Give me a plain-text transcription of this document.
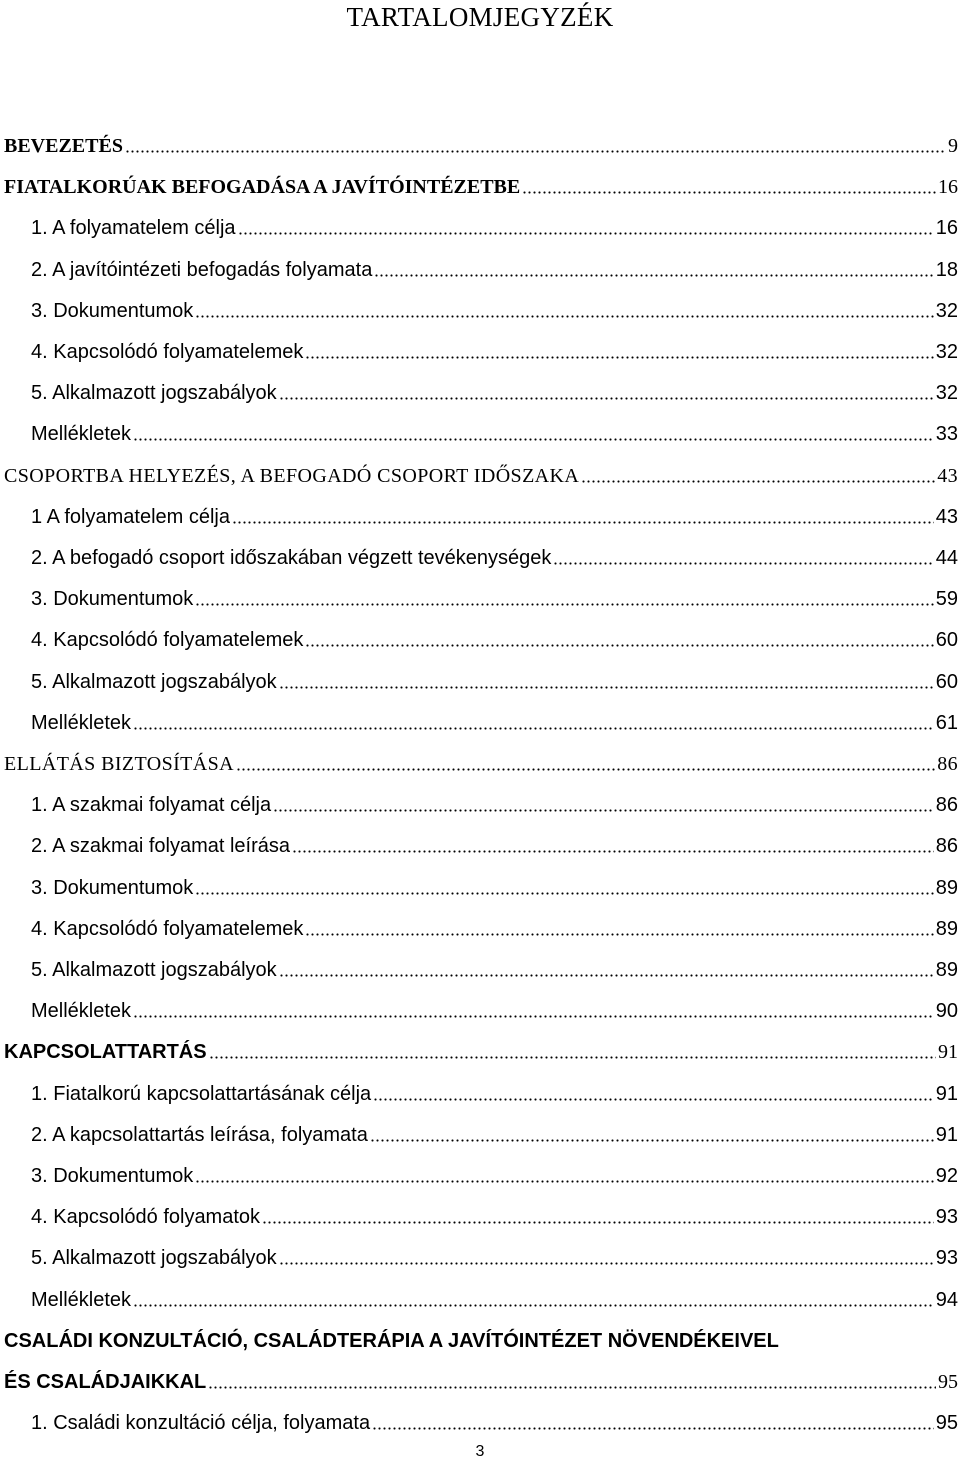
TARTALOMJEGYZÉK
BEVEZETÉS	9
FIATALKORÚAK BEFOGADÁSA A JAVÍTÓINTÉZETBE	16
1. A folyamatelem célja	16
2. A javítóintézeti befogadás folyamata	18
3. Dokumentumok	32
4. Kapcsolódó folyamatelemek	32
5. Alkalmazott jogszabályok	32
Mellékletek	33
CSOPORTBA HELYEZÉS, A BEFOGADÓ CSOPORT IDŐSZAKA	43
1 A folyamatelem célja	43
2. A befogadó csoport időszakában végzett tevékenységek	44
3. Dokumentumok	59
4. Kapcsolódó folyamatelemek	60
5. Alkalmazott jogszabályok	60
Mellékletek	61
ELLÁTÁS BIZTOSÍTÁSA	86
1. A szakmai folyamat célja	86
2. A szakmai folyamat leírása	86
3. Dokumentumok	89
4. Kapcsolódó folyamatelemek	89
5. Alkalmazott jogszabályok	89
Mellékletek	90
KAPCSOLATTARTÁS	91
1. Fiatalkorú kapcsolattartásának célja	91
2. A kapcsolattartás leírása, folyamata	91
3. Dokumentumok	92
4. Kapcsolódó folyamatok	93
5. Alkalmazott jogszabályok	93
Mellékletek	94
CSALÁDI KONZULTÁCIÓ, CSALÁDTERÁPIA A JAVÍTÓINTÉZET NÖVENDÉKEIVEL
ÉS CSALÁDJAIKKAL	95
1. Családi konzultáció célja, folyamata	95
3
